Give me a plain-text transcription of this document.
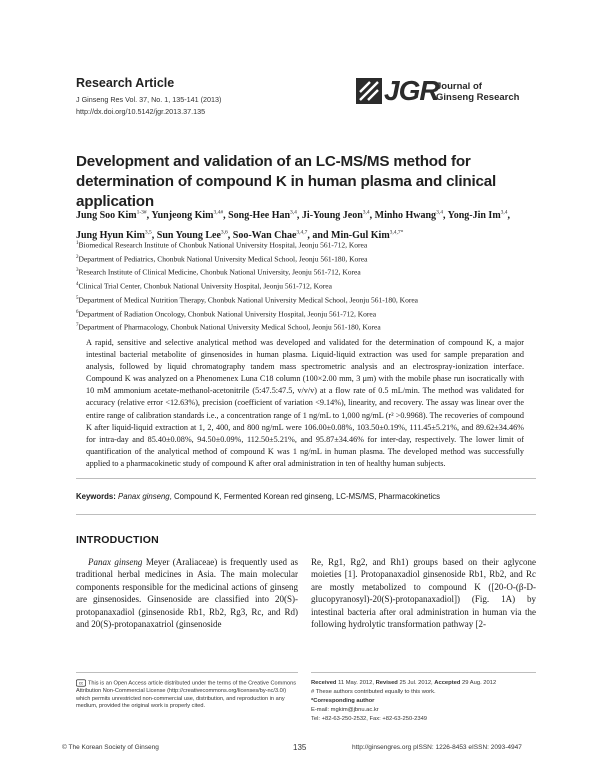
Research Article
J Ginseng Res Vol. 37, No. 1, 135-141 (2013)
http://dx.doi.org/10.5142/jgr.2013.37.135
JGR
Journal of
Ginseng Research
Development and validation of an LC-MS/MS method for determination of compound K in human plasma and clinical application
Jung Soo Kim$^{1-3\#}$, Yunjeong Kim$^{3,4\#}$, Song-Hee Han$^{3,4}$, Ji-Young Jeon$^{3,4}$, Minho Hwang$^{3,4}$, Yong-Jin Im$^{3,4}$, Jung Hyun Kim$^{3,5}$, Sun Young Lee$^{3,6}$, Soo-Wan Chae$^{3,4,7}$, and Min-Gul Kim$^{3,4,7*}$
$^1$Biomedical Research Institute of Chonbuk National University Hospital, Jeonju 561-712, Korea
$^2$Department of Pediatrics, Chonbuk National University Medical School, Jeonju 561-180, Korea
$^3$Research Institute of Clinical Medicine, Chonbuk National University, Jeonju 561-712, Korea
$^4$Clinical Trial Center, Chonbuk National University Hospital, Jeonju 561-712, Korea
$^5$Department of Medical Nutrition Therapy, Chonbuk National University Medical School, Jeonju 561-180, Korea
$^6$Department of Radiation Oncology, Chonbuk National University Hospital, Jeonju 561-712, Korea
$^7$Department of Pharmacology, Chonbuk National University Medical School, Jeonju 561-180, Korea
A rapid, sensitive and selective analytical method was developed and validated for the determination of compound K, a major intestinal bacterial metabolite of ginsenosides in human plasma. Liquid-liquid extraction was used for sample preparation and analysis, followed by liquid chromatography tandem mass spectrometric analysis and an electrospray-ionization interface. Compound K was analyzed on a Phenomenex Luna C18 column (100×2.00 mm, 3 μm) with the mobile phase run isocratically with 10 mM ammonium acetate-methanol-acetonitrile (5:47.5:47.5, v/v/v) at a flow rate of 0.5 mL/min. The method was validated for accuracy (relative error <12.63%), precision (coefficient of variation <9.14%), linearity, and recovery. The assay was linear over the entire range of calibration standards i.e., a concentration range of 1 ng/mL to 1,000 ng/mL (r² >0.9968). The recoveries of compound K after liquid-liquid extraction at 1, 2, 400, and 800 ng/mL were 106.00±0.08%, 103.50±0.19%, 111.45±5.21%, and 89.62±34.46% for intra-day and 85.40±0.08%, 94.50±0.09%, 112.50±5.21%, and 95.87±34.46% for inter-day, respectively. The lower limit of quantification of the analytical method of compound K was 1 ng/mL in human plasma. The developed method was successfully applied to a pharmacokinetic study of compound K after oral administration in ten of healthy human subjects.
Keywords: Panax ginseng, Compound K, Fermented Korean red ginseng, LC-MS/MS, Pharmacokinetics
INTRODUCTION

Panax ginseng Meyer (Araliaceae) is frequently used as traditional herbal medicines in Asia. The main molecular components responsible for the medicinal actions of ginseng are ginsenosides. Ginsenoside are classified into 20(S)-protopanaxadiol (ginsenoside Rb1, Rb2, Rg3, Rc, and Rd) and 20(S)-protopanaxatriol (ginsenoside

Re, Rg1, Rg2, and Rh1) groups based on their aglycone moieties [1]. Protopanaxadiol ginsenoside Rb1, Rb2, and Rc are mostly metabolized to compound K ([20-O-(β-D-glucopyranosyl)-20(S)-protopanaxadiol]) (Fig. 1A) by intestinal bacteria after oral administration in human via the following hydrolytic transformation pathway [2-

cc This is an Open Access article distributed under the terms of the Creative Commons Attribution Non-Commercial License (http://creativecommons.org/licenses/by-nc/3.0/) which permits unrestricted non-commercial use, distribution, and reproduction in any medium, provided the original work is properly cited.
Received 11 May. 2012, Revised 25 Jul. 2012, Accepted 29 Aug. 2012
# These authors contributed equally to this work.
*Corresponding author
E-mail: mgkim@jbnu.ac.kr
Tel: +82-63-250-2532, Fax: +82-63-250-2349
© The Korean Society of Ginseng	135	http://ginsengres.org pISSN: 1226-8453 eISSN: 2093-4947
